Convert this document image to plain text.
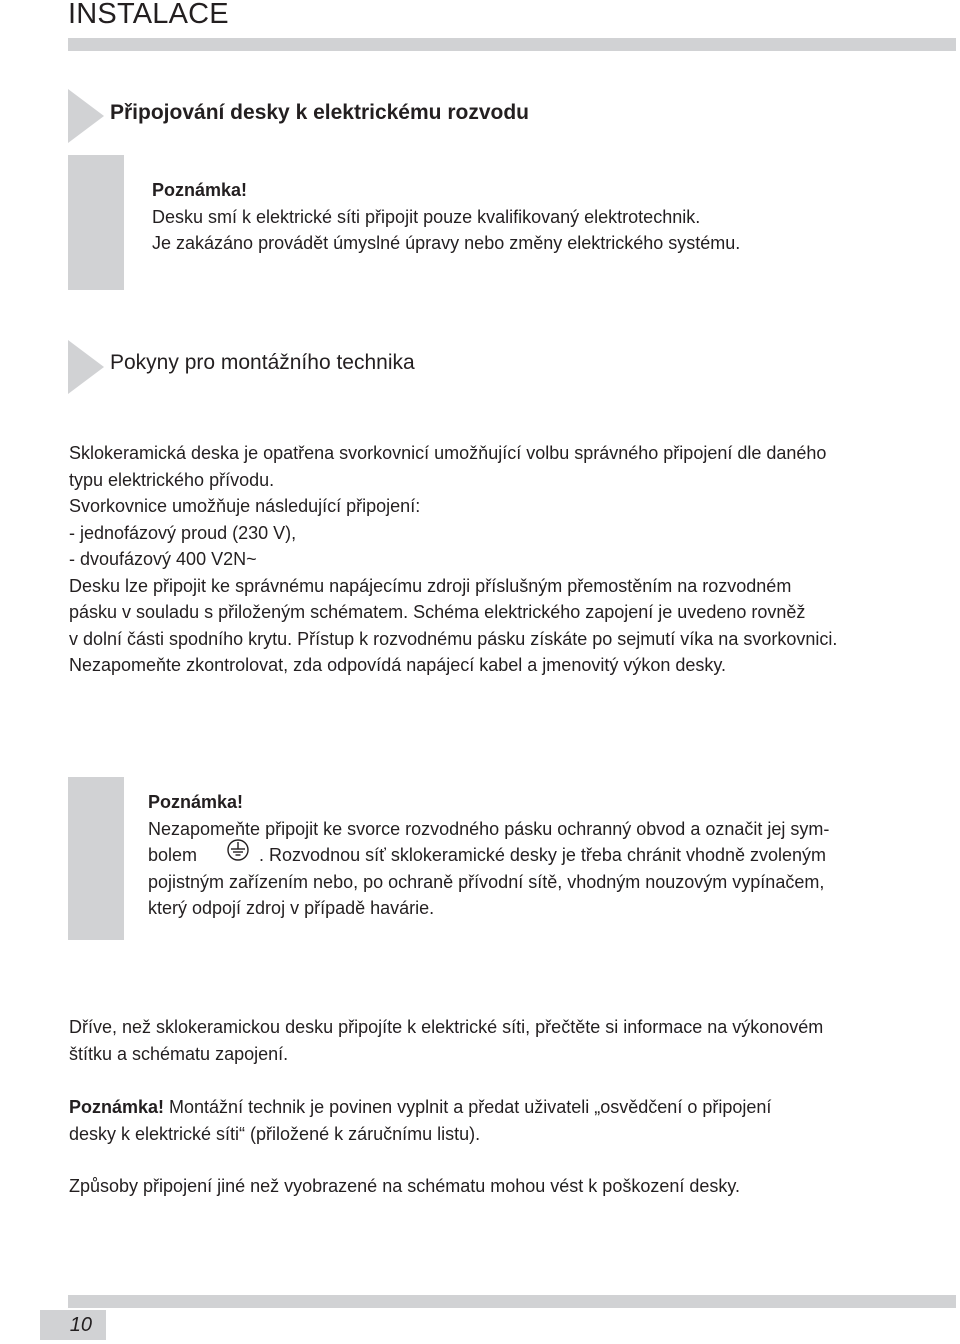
INSTALACE
Připojování desky k elektrickému rozvodu
Poznámka!
Desku smí k elektrické síti připojit pouze kvalifikovaný elektrotechnik.
Je zakázáno provádět úmyslné úpravy nebo změny elektrického systému.
Pokyny pro montážního technika
Sklokeramická deska je opatřena svorkovnicí umožňující volbu správného připojení dle daného
typu elektrického přívodu.
Svorkovnice umožňuje následující připojení:
- jednofázový proud (230 V),
- dvoufázový 400 V2N~
Desku lze připojit ke správnému napájecímu zdroji příslušným přemostěním na rozvodném
pásku v souladu s přiloženým schématem. Schéma elektrického zapojení je uvedeno rovněž
v dolní části spodního krytu. Přístup k rozvodnému pásku získáte po sejmutí víka na svorkovnici.
Nezapomeňte zkontrolovat, zda odpovídá napájecí kabel a jmenovitý výkon desky.
Poznámka!
Nezapomeňte připojit ke svorce rozvodného pásku ochranný obvod a označit jej sym-
bolem	. Rozvodnou síť sklokeramické desky je třeba chránit vhodně zvoleným
pojistným zařízením nebo, po ochraně přívodní sítě, vhodným nouzovým vypínačem,
který odpojí zdroj v případě havárie.
Dříve, než sklokeramickou desku připojíte k elektrické síti, přečtěte si informace na výkonovém
štítku a schématu zapojení.
Poznámka! Montážní technik je povinen vyplnit a předat uživateli „osvědčení o připojení
desky k elektrické síti“ (přiložené k záručnímu listu).
Způsoby připojení jiné než vyobrazené na schématu mohou vést k poškození desky.
10
